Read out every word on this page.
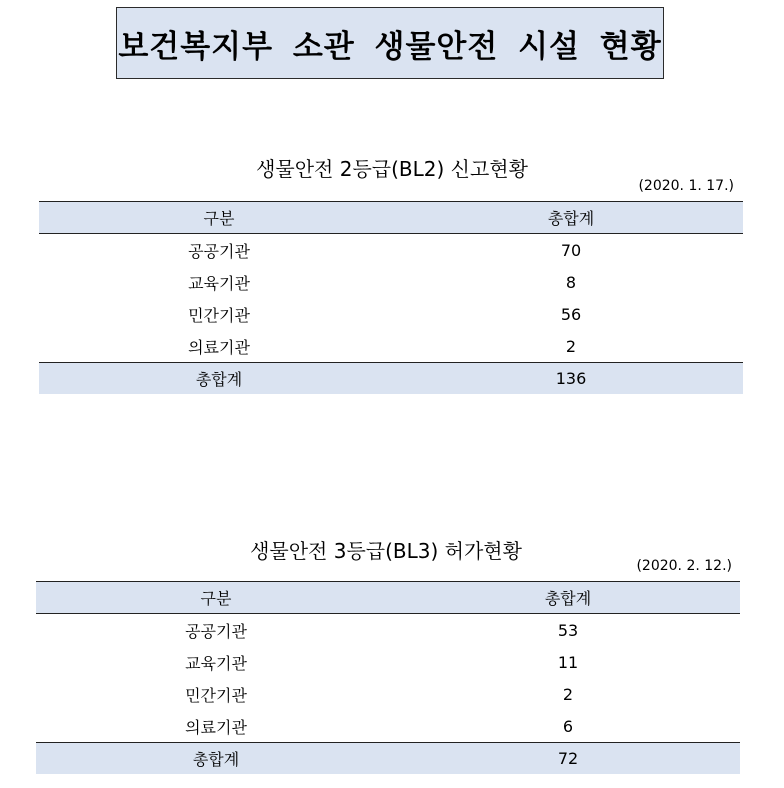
보건복지부 소관 생물안전 시설 현황
생물안전 2등급(BL2) 신고현황
(2020. 1. 17.)
구분	총합계
공공기관	70
교육기관	8
민간기관	56
의료기관	2
총합계	136
생물안전 3등급(BL3) 허가현황
(2020. 2. 12.)
구분	총합계
공공기관	53
교육기관	11
민간기관	2
의료기관	6
총합계	72
